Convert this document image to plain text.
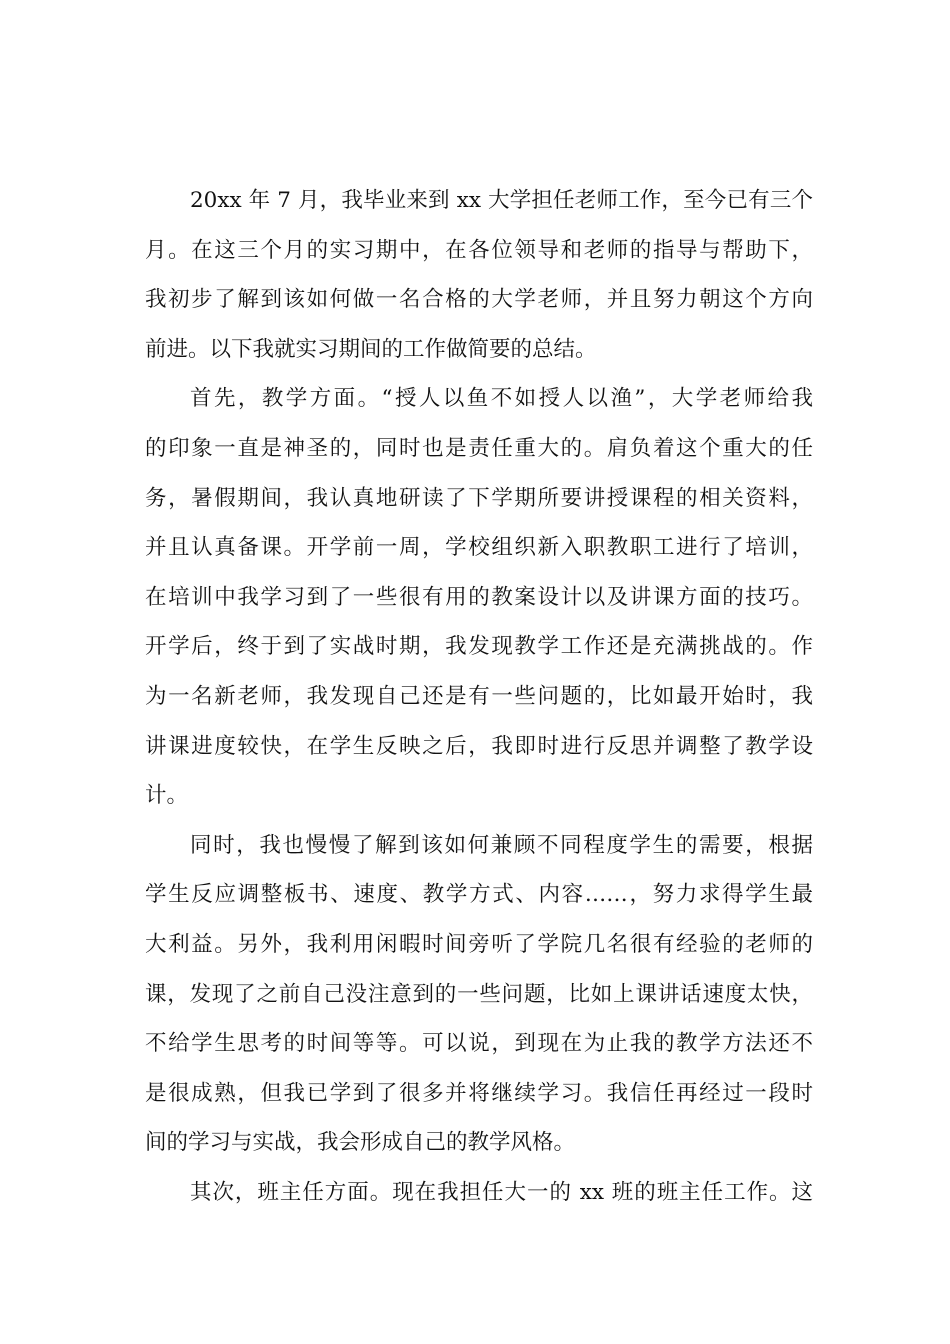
20xx 年 7 月，我毕业来到 xx 大学担任老师工作，至今已有三个
月。在这三个月的实习期中，在各位领导和老师的指导与帮助下，
我初步了解到该如何做一名合格的大学老师，并且努力朝这个方向
前进。以下我就实习期间的工作做简要的总结。
首先，教学方面。“授人以鱼不如授人以渔”，大学老师给我
的印象一直是神圣的，同时也是责任重大的。肩负着这个重大的任
务，暑假期间，我认真地研读了下学期所要讲授课程的相关资料，
并且认真备课。开学前一周，学校组织新入职教职工进行了培训，
在培训中我学习到了一些很有用的教案设计以及讲课方面的技巧。
开学后，终于到了实战时期，我发现教学工作还是充满挑战的。作
为一名新老师，我发现自己还是有一些问题的，比如最开始时，我
讲课进度较快，在学生反映之后，我即时进行反思并调整了教学设
计。
同时，我也慢慢了解到该如何兼顾不同程度学生的需要，根据
学生反应调整板书、速度、教学方式、内容……，努力求得学生最
大利益。另外，我利用闲暇时间旁听了学院几名很有经验的老师的
课，发现了之前自己没注意到的一些问题，比如上课讲话速度太快，
不给学生思考的时间等等。可以说，到现在为止我的教学方法还不
是很成熟，但我已学到了很多并将继续学习。我信任再经过一段时
间的学习与实战，我会形成自己的教学风格。
其次，班主任方面。现在我担任大一的 xx 班的班主任工作。这
